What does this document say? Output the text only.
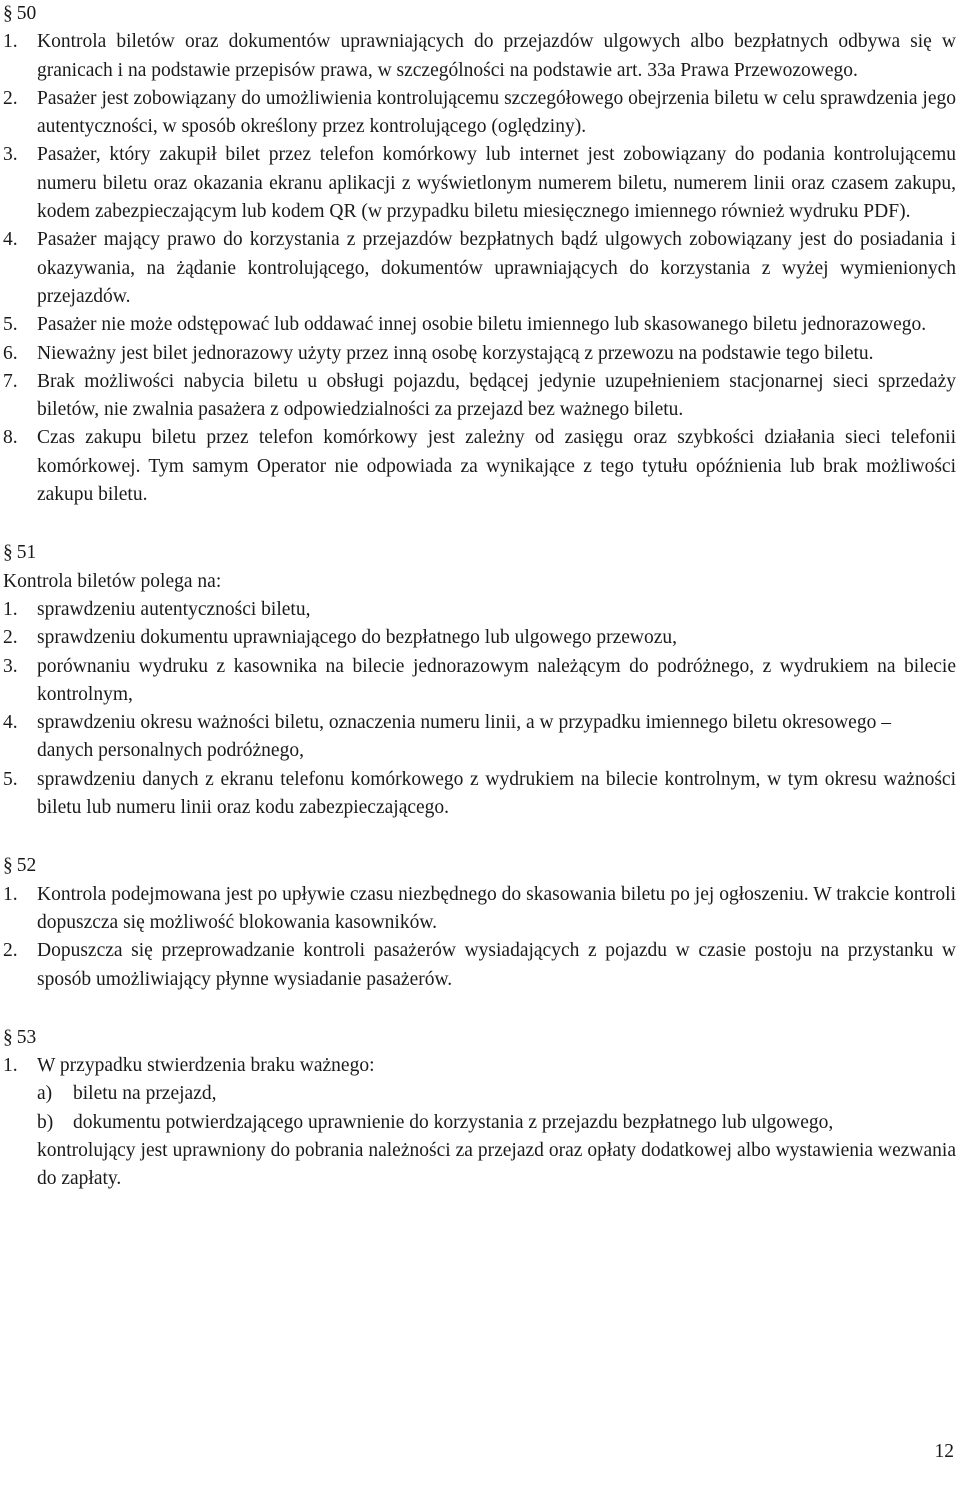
§ 50

1. Kontrola biletów oraz dokumentów uprawniających do przejazdów ulgowych albo bezpłatnych odbywa się w granicach i na podstawie przepisów prawa, w szczególności na podstawie art. 33a Prawa Przewozowego.
2. Pasażer jest zobowiązany do umożliwienia kontrolującemu szczegółowego obejrzenia biletu w celu sprawdzenia jego autentyczności, w sposób określony przez kontrolującego (oględziny).
3. Pasażer, który zakupił bilet przez telefon komórkowy lub internet jest zobowiązany do podania kontrolującemu numeru biletu oraz okazania ekranu aplikacji z wyświetlonym numerem biletu, numerem linii oraz czasem zakupu, kodem zabezpieczającym lub kodem QR (w przypadku biletu miesięcznego imiennego również wydruku PDF).
4. Pasażer mający prawo do korzystania z przejazdów bezpłatnych bądź ulgowych zobowiązany jest do posiadania i okazywania, na żądanie kontrolującego, dokumentów uprawniających do korzystania z wyżej wymienionych przejazdów.
5. Pasażer nie może odstępować lub oddawać innej osobie biletu imiennego lub skasowanego biletu jednorazowego.
6. Nieważny jest bilet jednorazowy użyty przez inną osobę korzystającą z przewozu na podstawie tego biletu.
7. Brak możliwości nabycia biletu u obsługi pojazdu, będącej jedynie uzupełnieniem stacjonarnej sieci sprzedaży biletów, nie zwalnia pasażera z odpowiedzialności za przejazd bez ważnego biletu.
8. Czas zakupu biletu przez telefon komórkowy jest zależny od zasięgu oraz szybkości działania sieci telefonii komórkowej. Tym samym Operator nie odpowiada za wynikające z tego tytułu opóźnienia lub brak możliwości zakupu biletu.

§ 51

Kontrola biletów polega na:

1. sprawdzeniu autentyczności biletu,
2. sprawdzeniu dokumentu uprawniającego do bezpłatnego lub ulgowego przewozu,
3. porównaniu wydruku z kasownika na bilecie jednorazowym należącym do podróżnego, z wydrukiem na bilecie kontrolnym,
4. sprawdzeniu okresu ważności biletu, oznaczenia numeru linii, a w przypadku imiennego biletu okresowego – danych personalnych podróżnego,
5. sprawdzeniu danych z ekranu telefonu komórkowego z wydrukiem na bilecie kontrolnym, w tym okresu ważności biletu lub numeru linii oraz kodu zabezpieczającego.

§ 52

1. Kontrola podejmowana jest po upływie czasu niezbędnego do skasowania biletu po jej ogłoszeniu. W trakcie kontroli dopuszcza się możliwość blokowania kasowników.
2. Dopuszcza się przeprowadzanie kontroli pasażerów wysiadających z pojazdu w czasie postoju na przystanku w sposób umożliwiający płynne wysiadanie pasażerów.

§ 53

1. W przypadku stwierdzenia braku ważnego:
a) biletu na przejazd,
b) dokumentu potwierdzającego uprawnienie do korzystania z przejazdu bezpłatnego lub ulgowego,

kontrolujący jest uprawniony do pobrania należności za przejazd oraz opłaty dodatkowej albo wystawienia wezwania do zapłaty.

12
